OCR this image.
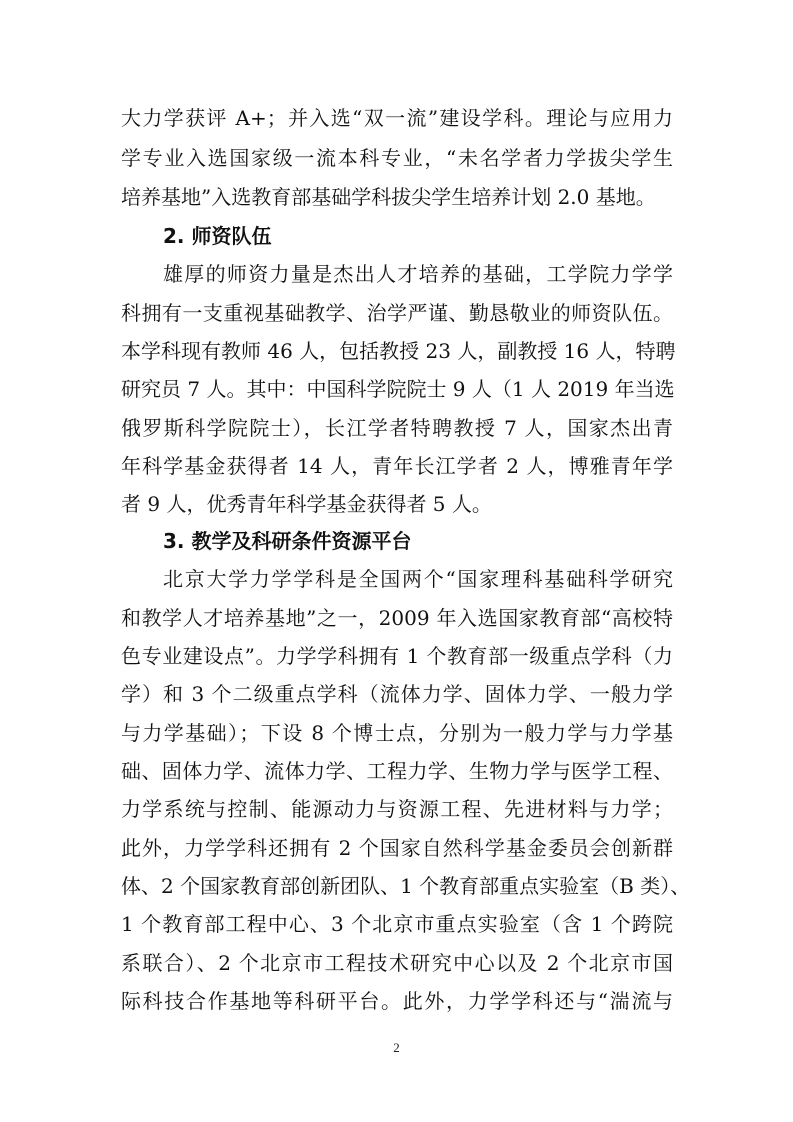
大力学获评 A+；并入选“双一流”建设学科。理论与应用力
学专业入选国家级一流本科专业，“未名学者力学拔尖学生
培养基地”入选教育部基础学科拔尖学生培养计划 2.0 基地。
2. 师资队伍
雄厚的师资力量是杰出人才培养的基础，工学院力学学
科拥有一支重视基础教学、治学严谨、勤恳敬业的师资队伍。
本学科现有教师 46 人，包括教授 23 人，副教授 16 人，特聘
研究员 7 人。其中：中国科学院院士 9 人（1 人 2019 年当选
俄罗斯科学院院士），长江学者特聘教授 7 人，国家杰出青
年科学基金获得者 14 人，青年长江学者 2 人，博雅青年学
者 9 人，优秀青年科学基金获得者 5 人。
3. 教学及科研条件资源平台
北京大学力学学科是全国两个“国家理科基础科学研究
和教学人才培养基地”之一，2009 年入选国家教育部“高校特
色专业建设点”。力学学科拥有 1 个教育部一级重点学科（力
学）和 3 个二级重点学科（流体力学、固体力学、一般力学
与力学基础）；下设 8 个博士点，分别为一般力学与力学基
础、固体力学、流体力学、工程力学、生物力学与医学工程、
力学系统与控制、能源动力与资源工程、先进材料与力学；
此外，力学学科还拥有 2 个国家自然科学基金委员会创新群
体、2 个国家教育部创新团队、1 个教育部重点实验室（B 类）、
1 个教育部工程中心、3 个北京市重点实验室（含 1 个跨院
系联合）、2 个北京市工程技术研究中心以及 2 个北京市国
际科技合作基地等科研平台。此外，力学学科还与“湍流与
2
